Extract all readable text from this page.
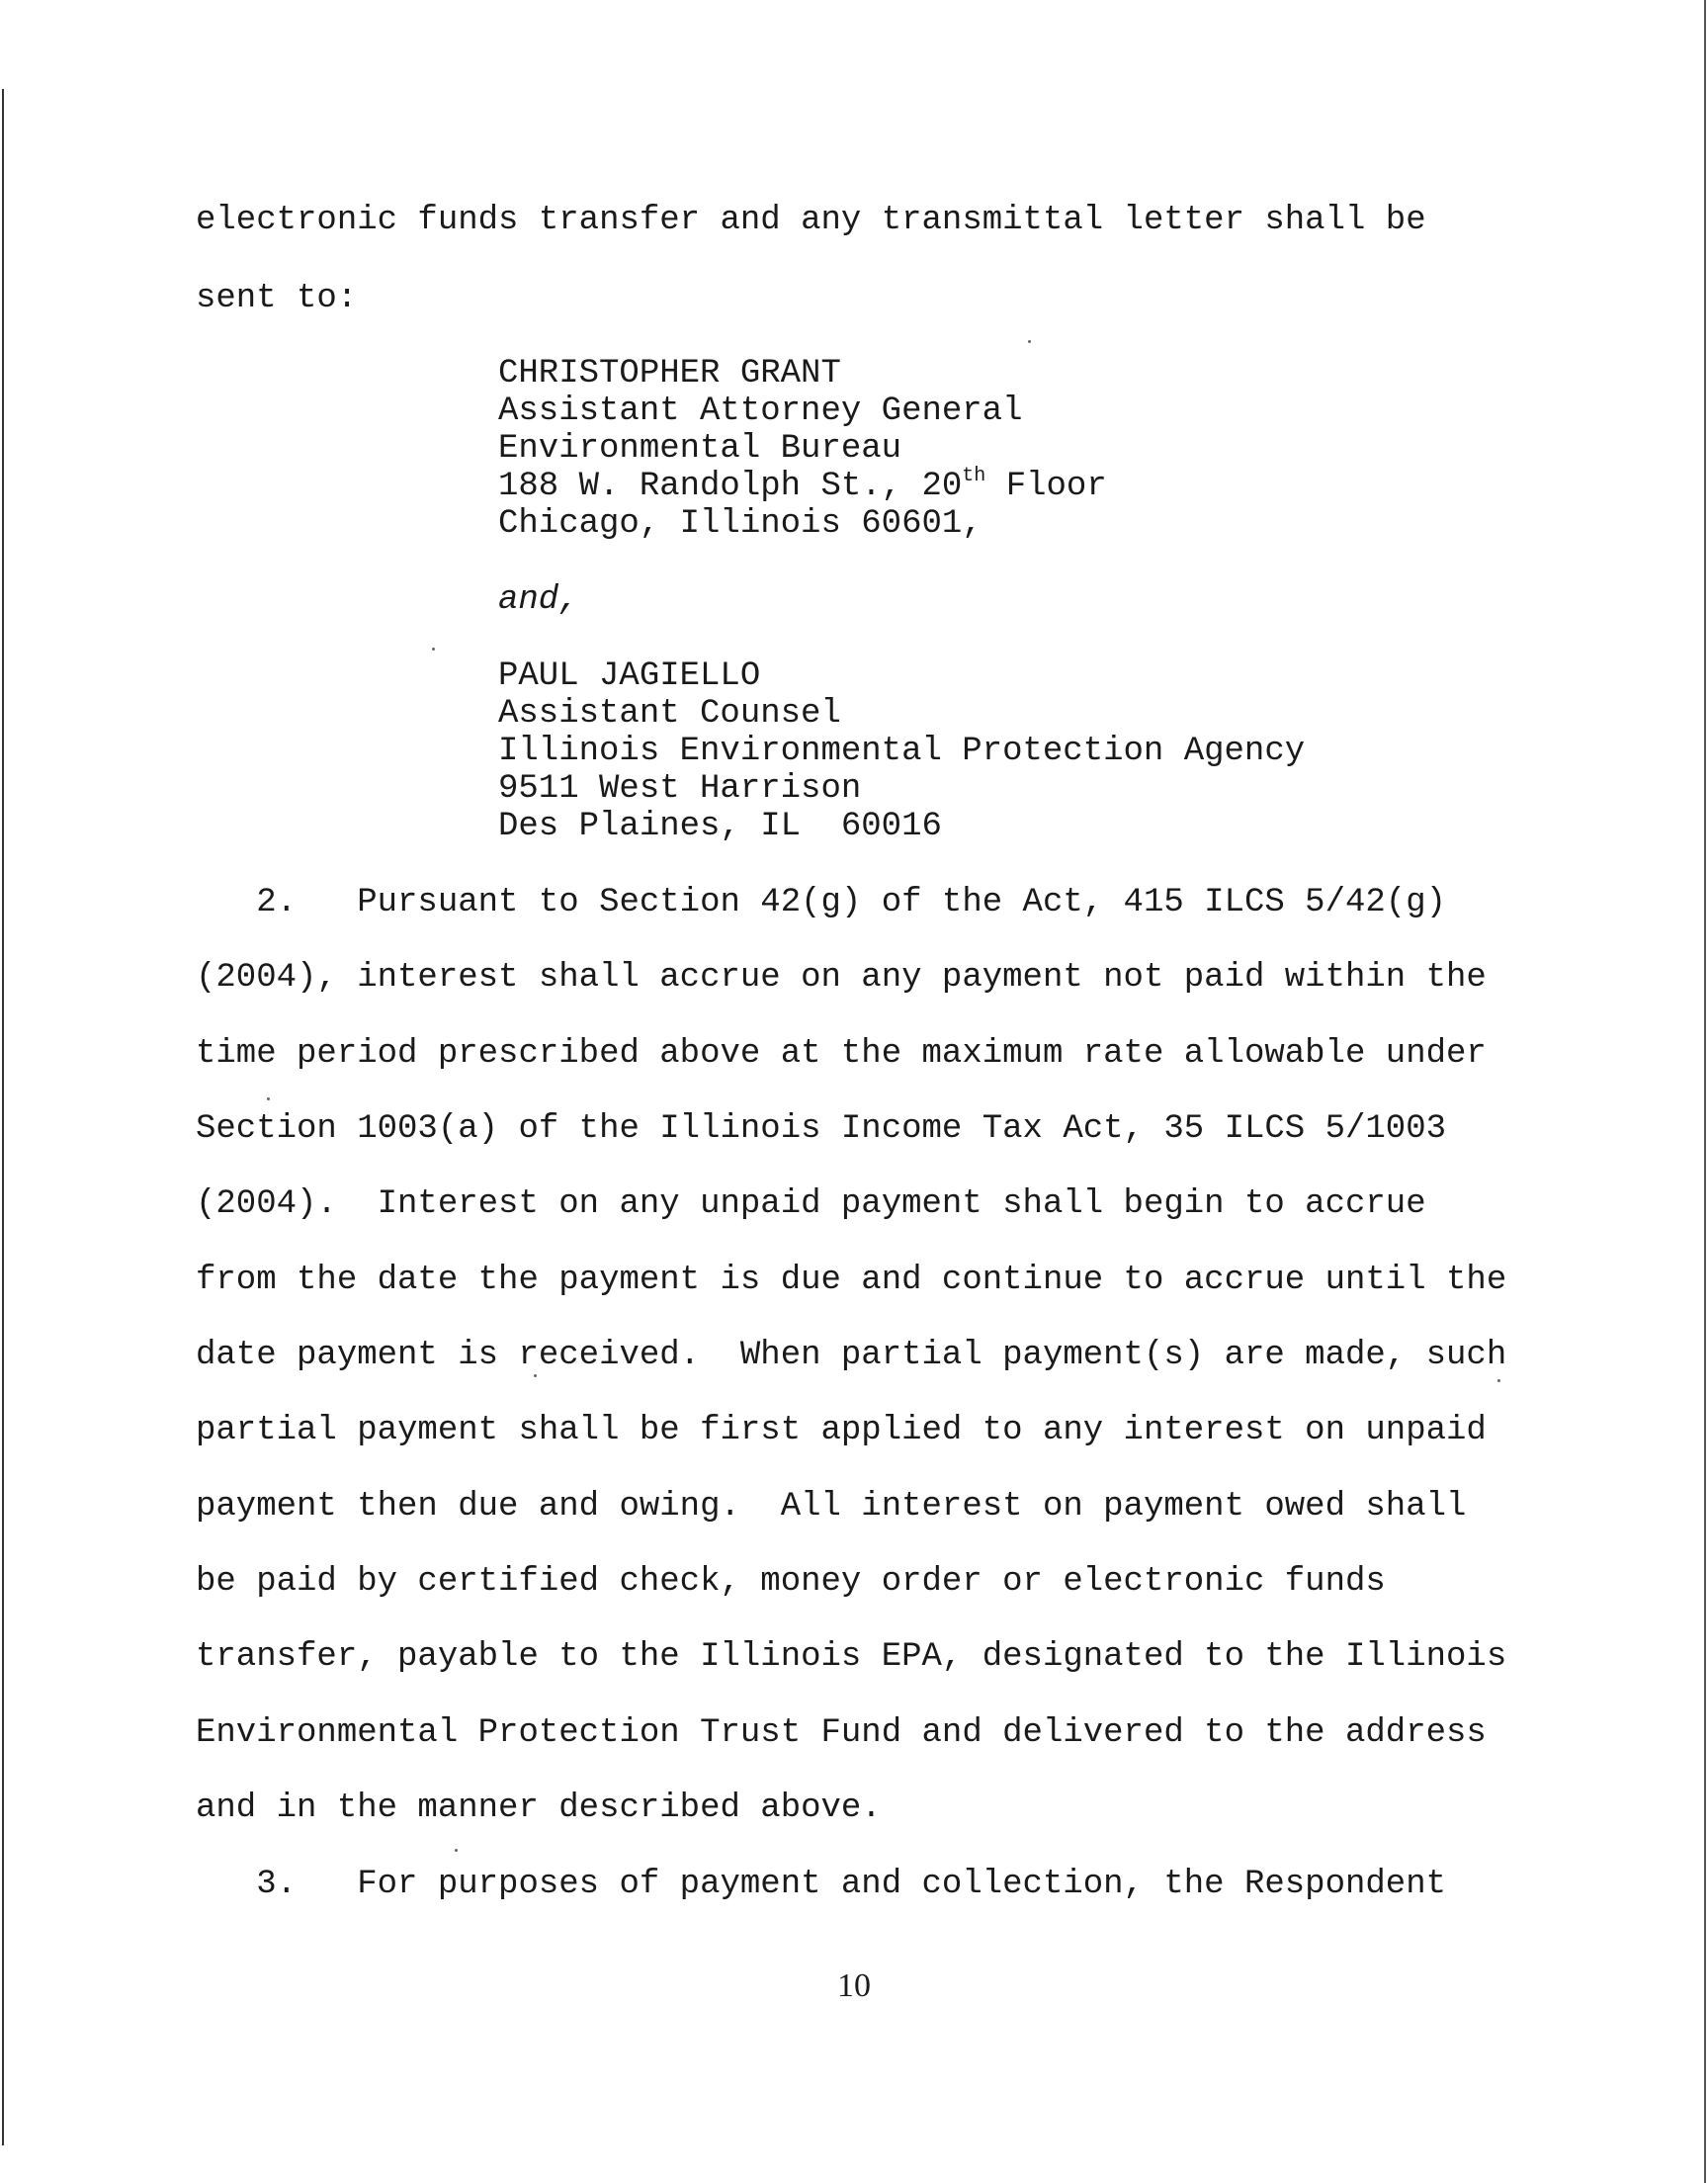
electronic funds transfer and any transmittal letter shall be
sent to:
CHRISTOPHER GRANT
Assistant Attorney General
Environmental Bureau
188 W. Randolph St., 20th Floor
Chicago, Illinois 60601,
and,
PAUL JAGIELLO
Assistant Counsel
Illinois Environmental Protection Agency
9511 West Harrison
Des Plaines, IL  60016
2.   Pursuant to Section 42(g) of the Act, 415 ILCS 5/42(g)
(2004), interest shall accrue on any payment not paid within the
time period prescribed above at the maximum rate allowable under
Section 1003(a) of the Illinois Income Tax Act, 35 ILCS 5/1003
(2004).  Interest on any unpaid payment shall begin to accrue
from the date the payment is due and continue to accrue until the
date payment is received.  When partial payment(s) are made, such
partial payment shall be first applied to any interest on unpaid
payment then due and owing.  All interest on payment owed shall
be paid by certified check, money order or electronic funds
transfer, payable to the Illinois EPA, designated to the Illinois
Environmental Protection Trust Fund and delivered to the address
and in the manner described above.
3.   For purposes of payment and collection, the Respondent
10
